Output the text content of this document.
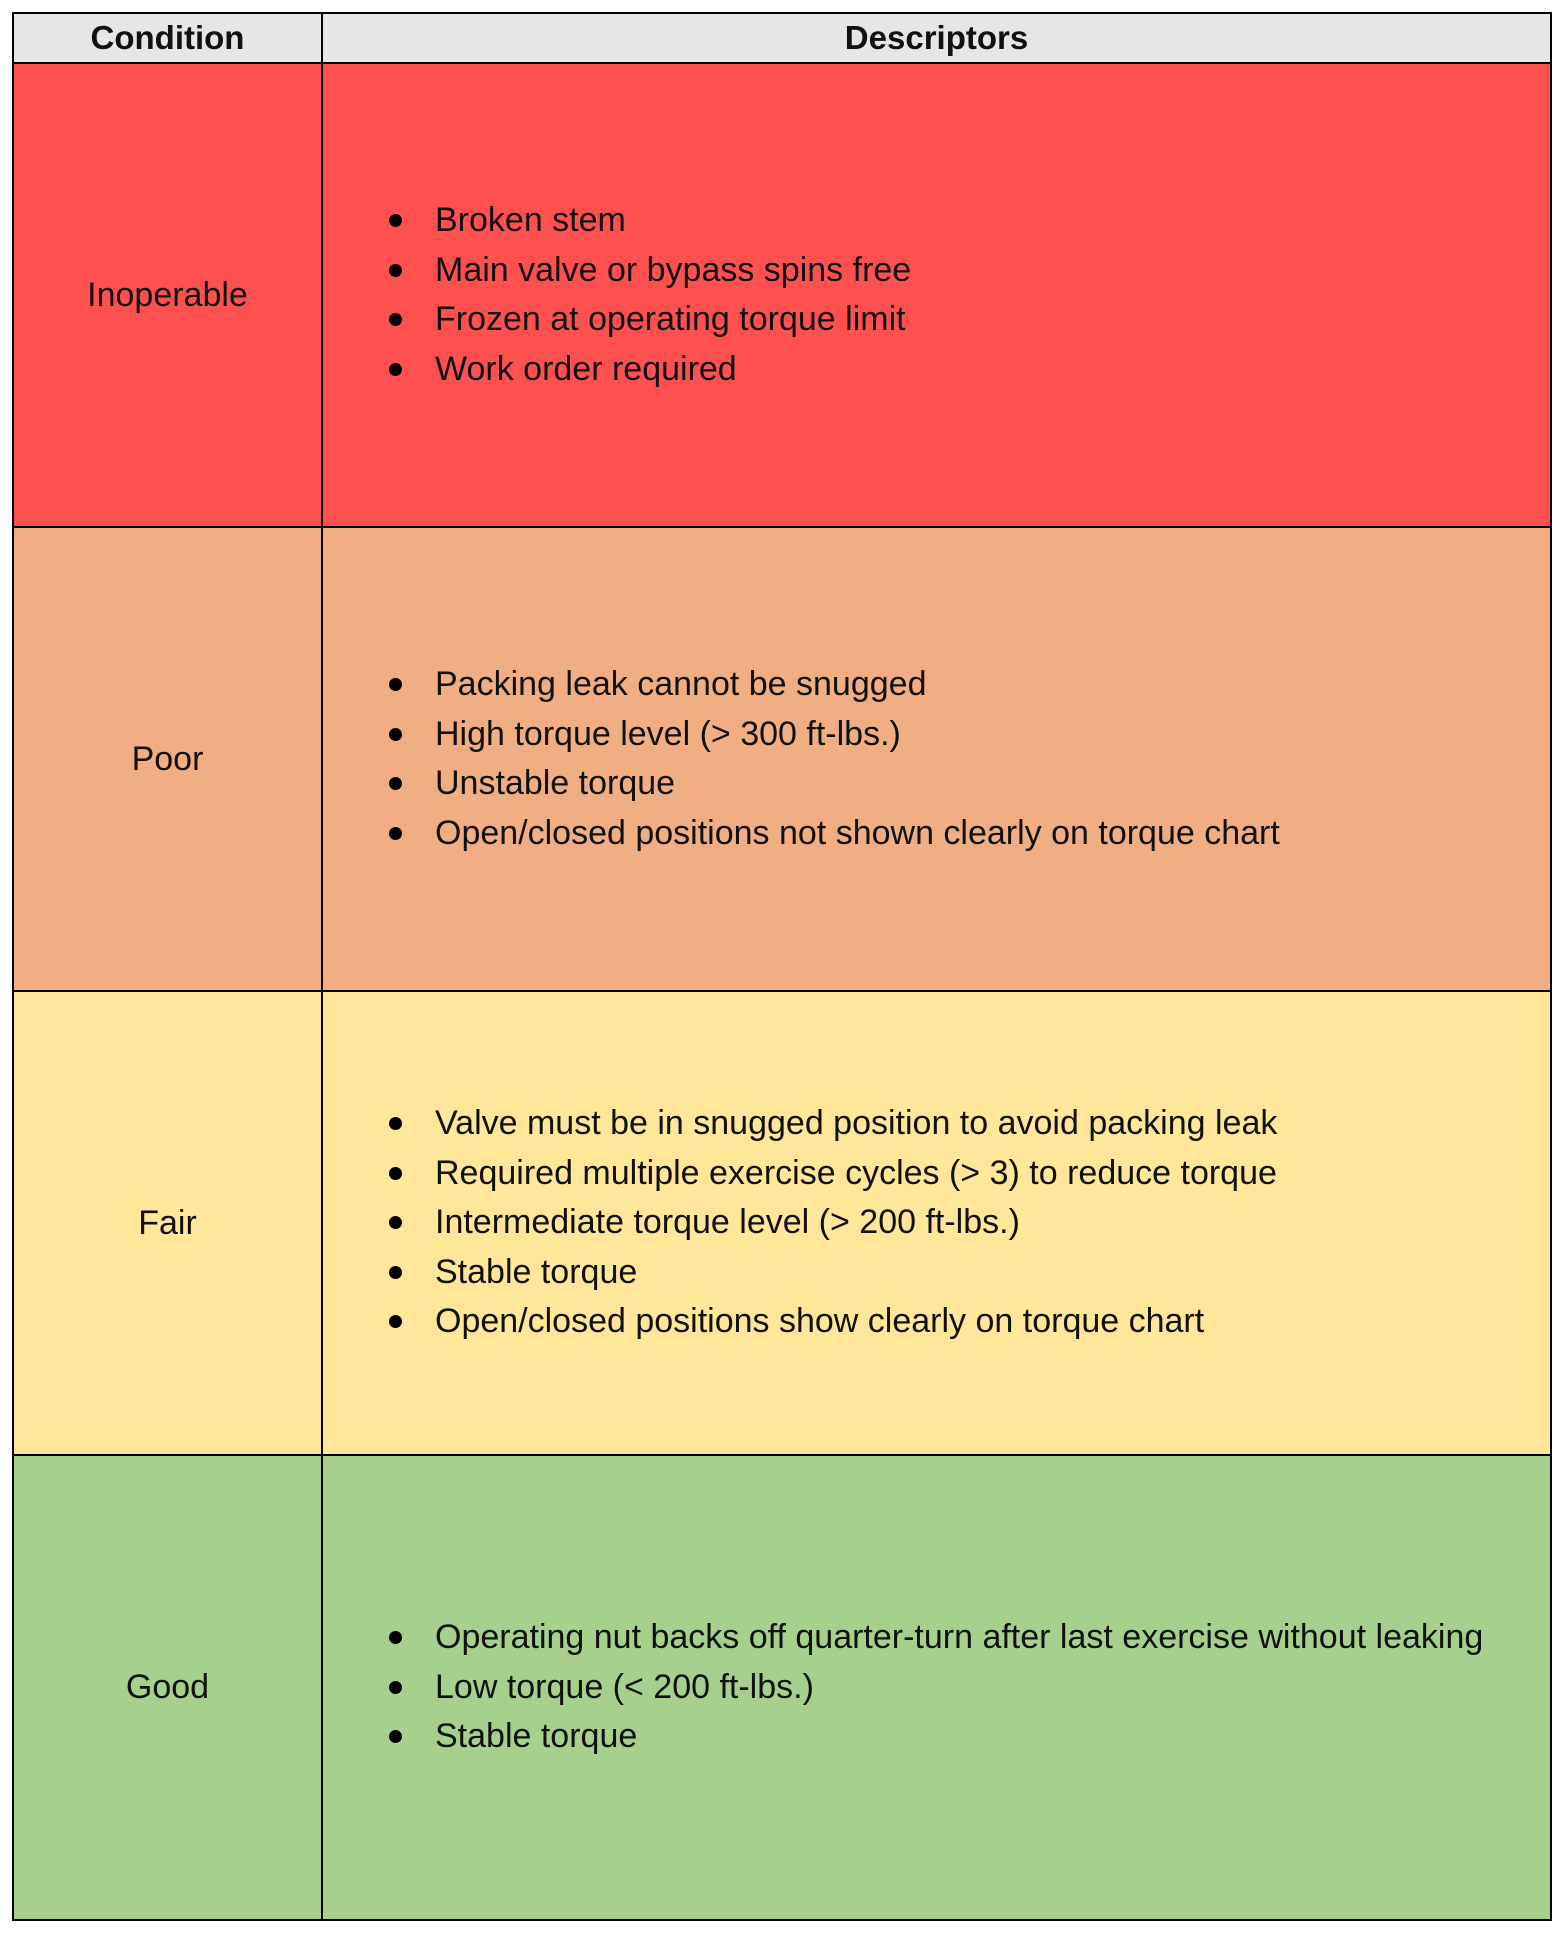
Condition	Descriptors
Inoperable
Broken stem
Main valve or bypass spins free
Frozen at operating torque limit
Work order required
Poor
Packing leak cannot be snugged
High torque level (> 300 ft-lbs.)
Unstable torque
Open/closed positions not shown clearly on torque chart
Fair
Valve must be in snugged position to avoid packing leak
Required multiple exercise cycles (> 3) to reduce torque
Intermediate torque level (> 200 ft-lbs.)
Stable torque
Open/closed positions show clearly on torque chart
Good
Operating nut backs off quarter-turn after last exercise without leaking
Low torque (< 200 ft-lbs.)
Stable torque
